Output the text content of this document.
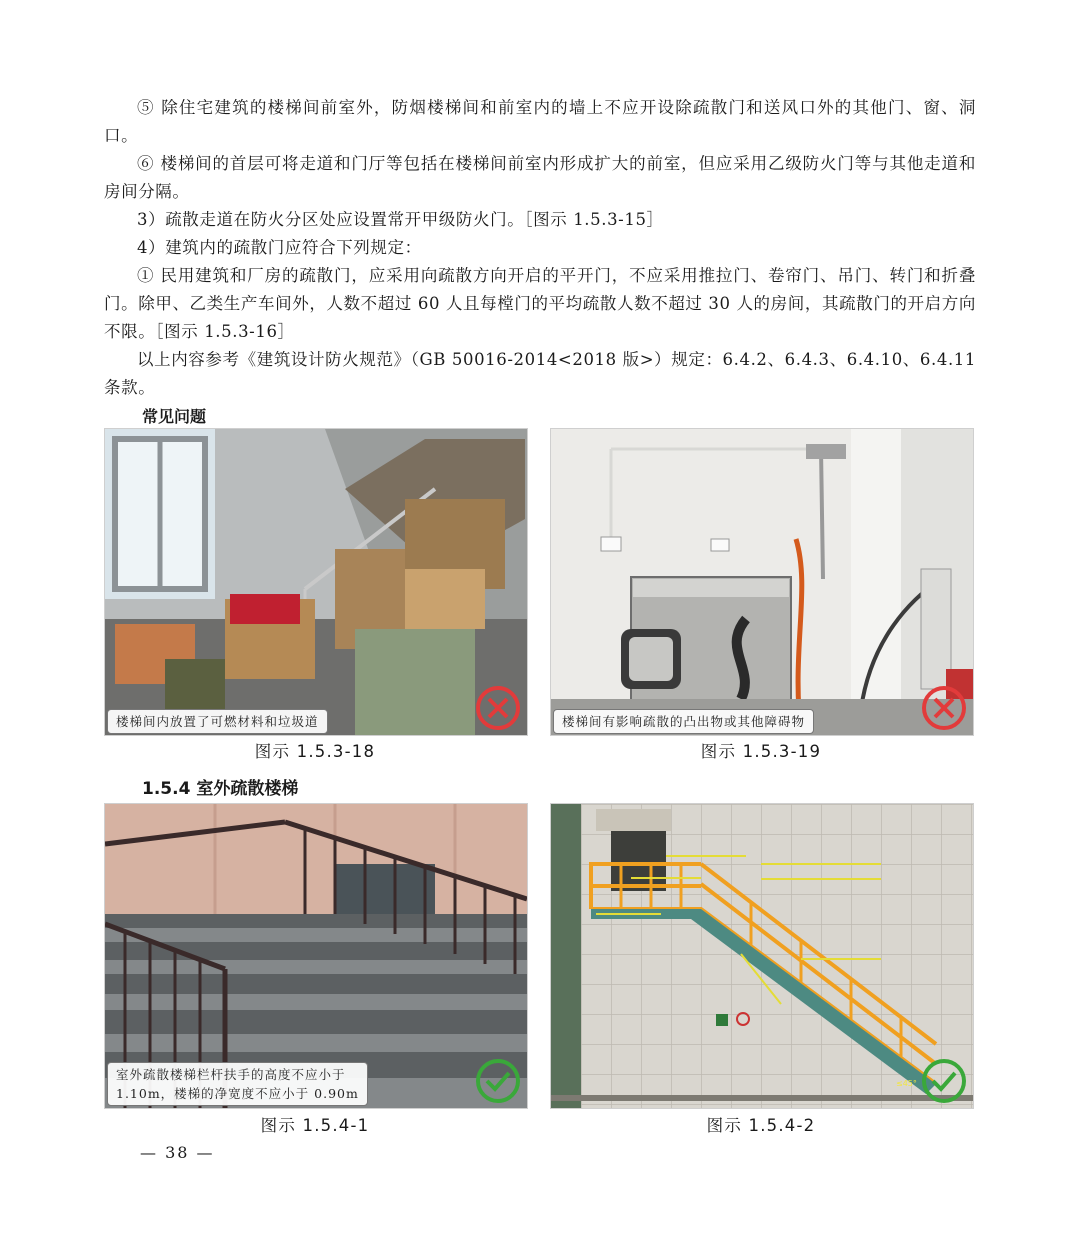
⑤ 除住宅建筑的楼梯间前室外，防烟楼梯间和前室内的墙上不应开设除疏散门和送风口外的其他门、窗、洞口。

⑥ 楼梯间的首层可将走道和门厅等包括在楼梯间前室内形成扩大的前室，但应采用乙级防火门等与其他走道和房间分隔。

3）疏散走道在防火分区处应设置常开甲级防火门。［图示 1.5.3-15］

4）建筑内的疏散门应符合下列规定：

① 民用建筑和厂房的疏散门，应采用向疏散方向开启的平开门，不应采用推拉门、卷帘门、吊门、转门和折叠门。除甲、乙类生产车间外，人数不超过 60 人且每樘门的平均疏散人数不超过 30 人的房间，其疏散门的开启方向不限。［图示 1.5.3-16］

以上内容参考《建筑设计防火规范》（GB 50016-2014<2018 版>）规定：6.4.2、6.4.3、6.4.10、6.4.11 条款。

常见问题
楼梯间内放置了可燃材料和垃圾道
图示 1.5.3-18
楼梯间有影响疏散的凸出物或其他障碍物
图示 1.5.3-19
1.5.4 室外疏散楼梯
室外疏散楼梯栏杆扶手的高度不应小于
1.10m，楼梯的净宽度不应小于 0.90m
图示 1.5.4-1
≤45°
图示 1.5.4-2
— 38 —
